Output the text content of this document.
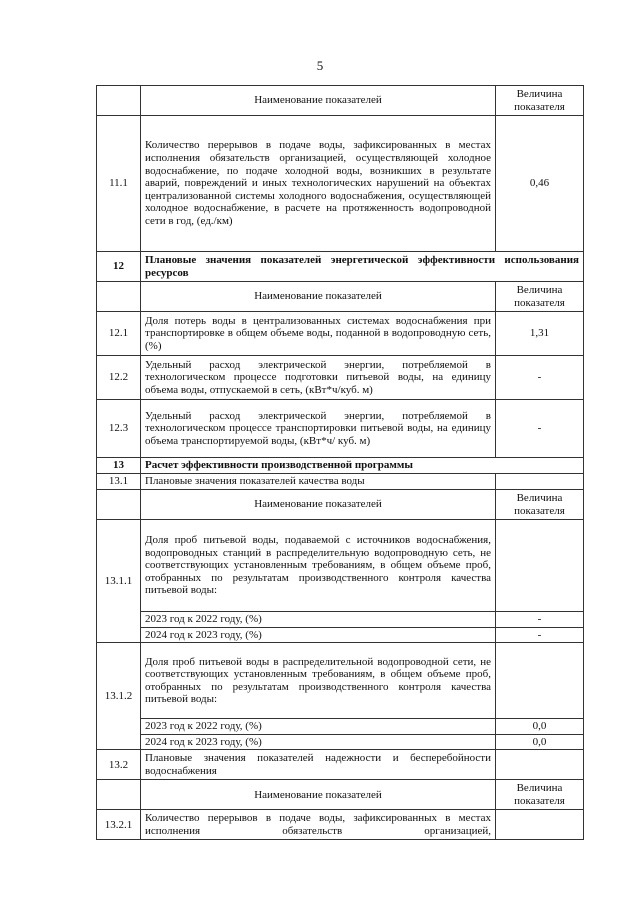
5
	Наименование показателей	Величина показателя
11.1	Количество перерывов в подаче воды, зафиксированных в местах исполнения обязательств организацией, осуществляющей холодное водоснабжение, по подаче холодной воды, возникших в результате аварий, повреждений и иных технологических нарушений на объектах централизованной системы холодного водоснабжения, осуществляющей холодное водоснабжение, в расчете на протяженность водопроводной сети в год, (ед./км)	0,46
12	Плановые значения показателей энергетической эффективности использования ресурсов	
	Наименование показателей	Величина показателя
12.1	Доля потерь воды в централизованных системах водоснабжения при транспортировке в общем объеме воды, поданной в водопроводную сеть, (%)	1,31
12.2	Удельный расход электрической энергии, потребляемой в технологическом процессе подготовки питьевой воды, на единицу объема воды, отпускаемой в сеть, (кВт*ч/куб. м)	-
12.3	Удельный расход электрической энергии, потребляемой в технологическом процессе транспортировки питьевой воды, на единицу объема транспортируемой воды, (кВт*ч/ куб. м)	-
13	Расчет эффективности производственной программы	
13.1	Плановые значения показателей качества воды	
	Наименование показателей	Величина показателя
13.1.1	Доля проб питьевой воды, подаваемой с источников водоснабжения, водопроводных станций в распределительную водопроводную сеть, не соответствующих установленным требованиям, в общем объеме проб, отобранных по результатам производственного контроля качества питьевой воды:	
	2023 год к 2022 году, (%)	-
	2024 год к 2023 году, (%)	-
13.1.2	Доля проб питьевой воды в распределительной водопроводной сети, не соответствующих установленным требованиям, в общем объеме проб, отобранных по результатам производственного контроля качества питьевой воды:	
	2023 год к 2022 году, (%)	0,0
	2024 год к 2023 году, (%)	0,0
13.2	Плановые значения показателей надежности и бесперебойности водоснабжения	
	Наименование показателей	Величина показателя
13.2.1	Количество перерывов в подаче воды, зафиксированных в местах исполнения обязательств организацией,	
